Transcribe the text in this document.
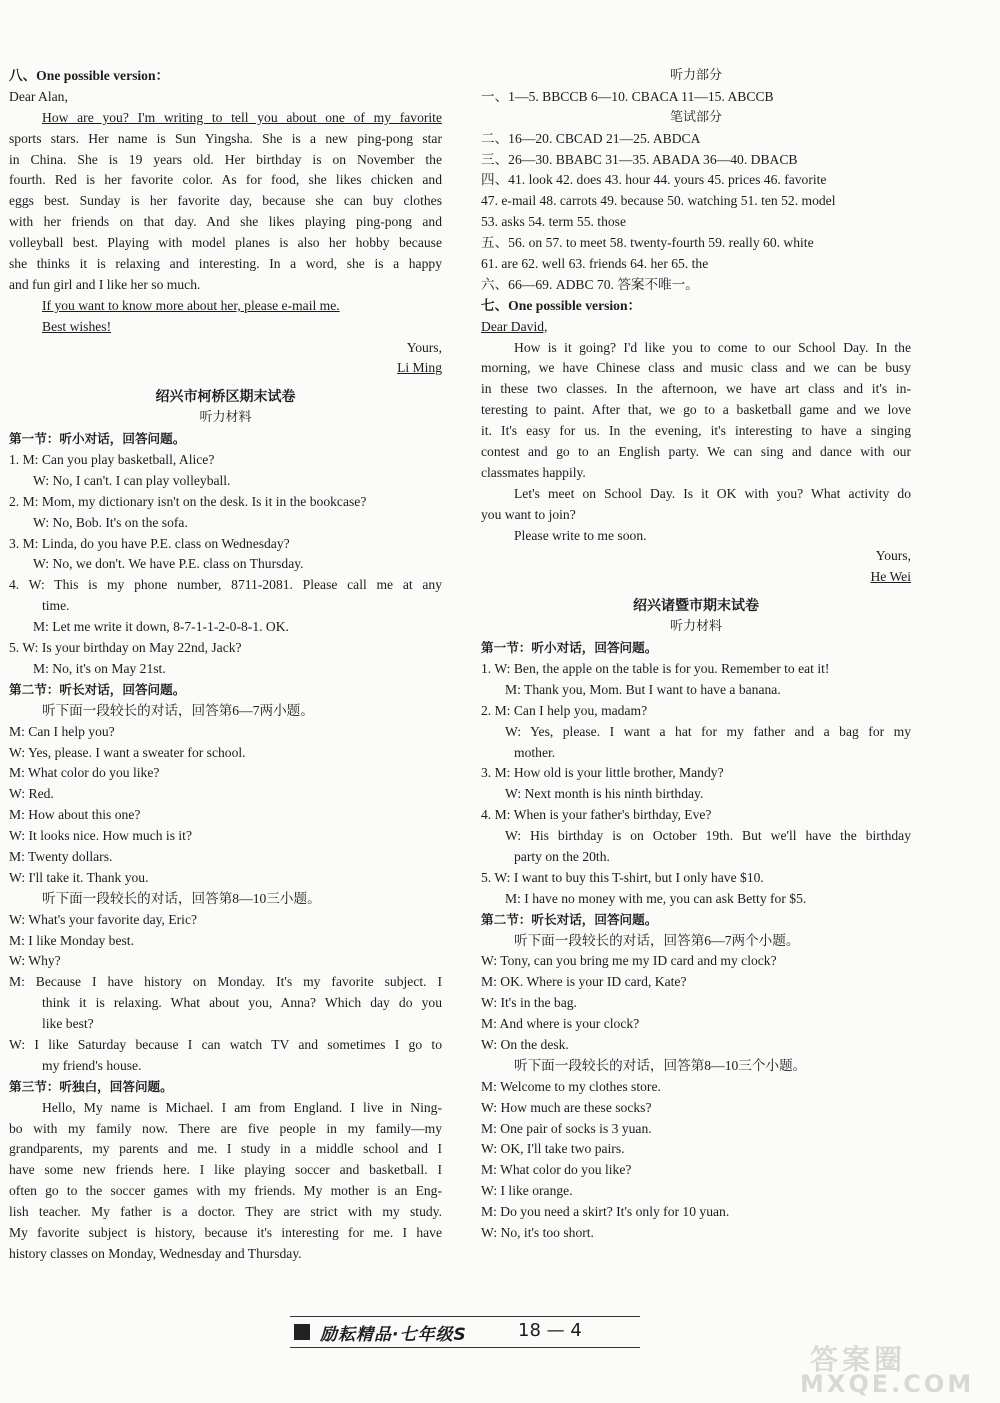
八、One possible version：
Dear Alan,
How are you? I'm writing to tell you about one of my favorite
sports stars. Her name is Sun Yingsha. She is a new ping-pong star
in China. She is 19 years old. Her birthday is on November the
fourth. Red is her favorite color. As for food, she likes chicken and
eggs best. Sunday is her favorite day, because she can buy clothes
with her friends on that day. And she likes playing ping-pong and
volleyball best. Playing with model planes is also her hobby because
she thinks it is relaxing and interesting. In a word, she is a happy
and fun girl and I like her so much.
If you want to know more about her, please e-mail me.
Best wishes!
Yours,
Li Ming
绍兴市柯桥区期末试卷
听力材料
第一节：听小对话，回答问题。
1. M: Can you play basketball, Alice?
W: No, I can't. I can play volleyball.
2. M: Mom, my dictionary isn't on the desk. Is it in the bookcase?
W: No, Bob. It's on the sofa.
3. M: Linda, do you have P.E. class on Wednesday?
W: No, we don't. We have P.E. class on Thursday.
4. W: This is my phone number, 8711-2081. Please call me at any
time.
M: Let me write it down, 8-7-1-1-2-0-8-1. OK.
5. W: Is your birthday on May 22nd, Jack?
M: No, it's on May 21st.
第二节：听长对话，回答问题。
听下面一段较长的对话，回答第6—7两小题。
M: Can I help you?
W: Yes, please. I want a sweater for school.
M: What color do you like?
W: Red.
M: How about this one?
W: It looks nice. How much is it?
M: Twenty dollars.
W: I'll take it. Thank you.
听下面一段较长的对话，回答第8—10三小题。
W: What's your favorite day, Eric?
M: I like Monday best.
W: Why?
M: Because I have history on Monday. It's my favorite subject. I
think it is relaxing. What about you, Anna? Which day do you
like best?
W: I like Saturday because I can watch TV and sometimes I go to
my friend's house.
第三节：听独白，回答问题。
Hello, My name is Michael. I am from England. I live in Ning-
bo with my family now. There are five people in my family—my
grandparents, my parents and me. I study in a middle school and I
have some new friends here. I like playing soccer and basketball. I
often go to the soccer games with my friends. My mother is an Eng-
lish teacher. My father is a doctor. They are strict with my study.
My favorite subject is history, because it's interesting for me. I have
history classes on Monday, Wednesday and Thursday.
听力部分
一、1—5. BBCCB 6—10. CBACA 11—15. ABCCB
笔试部分
二、16—20. CBCAD 21—25. ABDCA
三、26—30. BBABC 31—35. ABADA 36—40. DBACB
四、41. look 42. does 43. hour 44. yours 45. prices 46. favorite
47. e-mail 48. carrots 49. because 50. watching 51. ten 52. model
53. asks 54. term 55. those
五、56. on 57. to meet 58. twenty-fourth 59. really 60. white
61. are 62. well 63. friends 64. her 65. the
六、66—69. ADBC 70. 答案不唯一。
七、One possible version：
Dear David,
How is it going? I'd like you to come to our School Day. In the
morning, we have Chinese class and music class and we can be busy
in these two classes. In the afternoon, we have art class and it's in-
teresting to paint. After that, we go to a basketball game and we love
it. It's easy for us. In the evening, it's interesting to have a singing
contest and go to an English party. We can sing and dance with our
classmates happily.
Let's meet on School Day. Is it OK with you? What activity do
you want to join?
Please write to me soon.
Yours,
He Wei
绍兴诸暨市期末试卷
听力材料
第一节：听小对话，回答问题。
1. W: Ben, the apple on the table is for you. Remember to eat it!
M: Thank you, Mom. But I want to have a banana.
2. M: Can I help you, madam?
W: Yes, please. I want a hat for my father and a bag for my
mother.
3. M: How old is your little brother, Mandy?
W: Next month is his ninth birthday.
4. M: When is your father's birthday, Eve?
W: His birthday is on October 19th. But we'll have the birthday
party on the 20th.
5. W: I want to buy this T-shirt, but I only have $10.
M: I have no money with me, you can ask Betty for $5.
第二节：听长对话，回答问题。
听下面一段较长的对话，回答第6—7两个小题。
W: Tony, can you bring me my ID card and my clock?
M: OK. Where is your ID card, Kate?
W: It's in the bag.
M: And where is your clock?
W: On the desk.
听下面一段较长的对话，回答第8—10三个小题。
M: Welcome to my clothes store.
W: How much are these socks?
M: One pair of socks is 3 yuan.
W: OK, I'll take two pairs.
M: What color do you like?
W: I like orange.
M: Do you need a skirt? It's only for 10 yuan.
W: No, it's too short.
励耘精品·七年级S	18 — 4
答案圈
MXQE.COM
